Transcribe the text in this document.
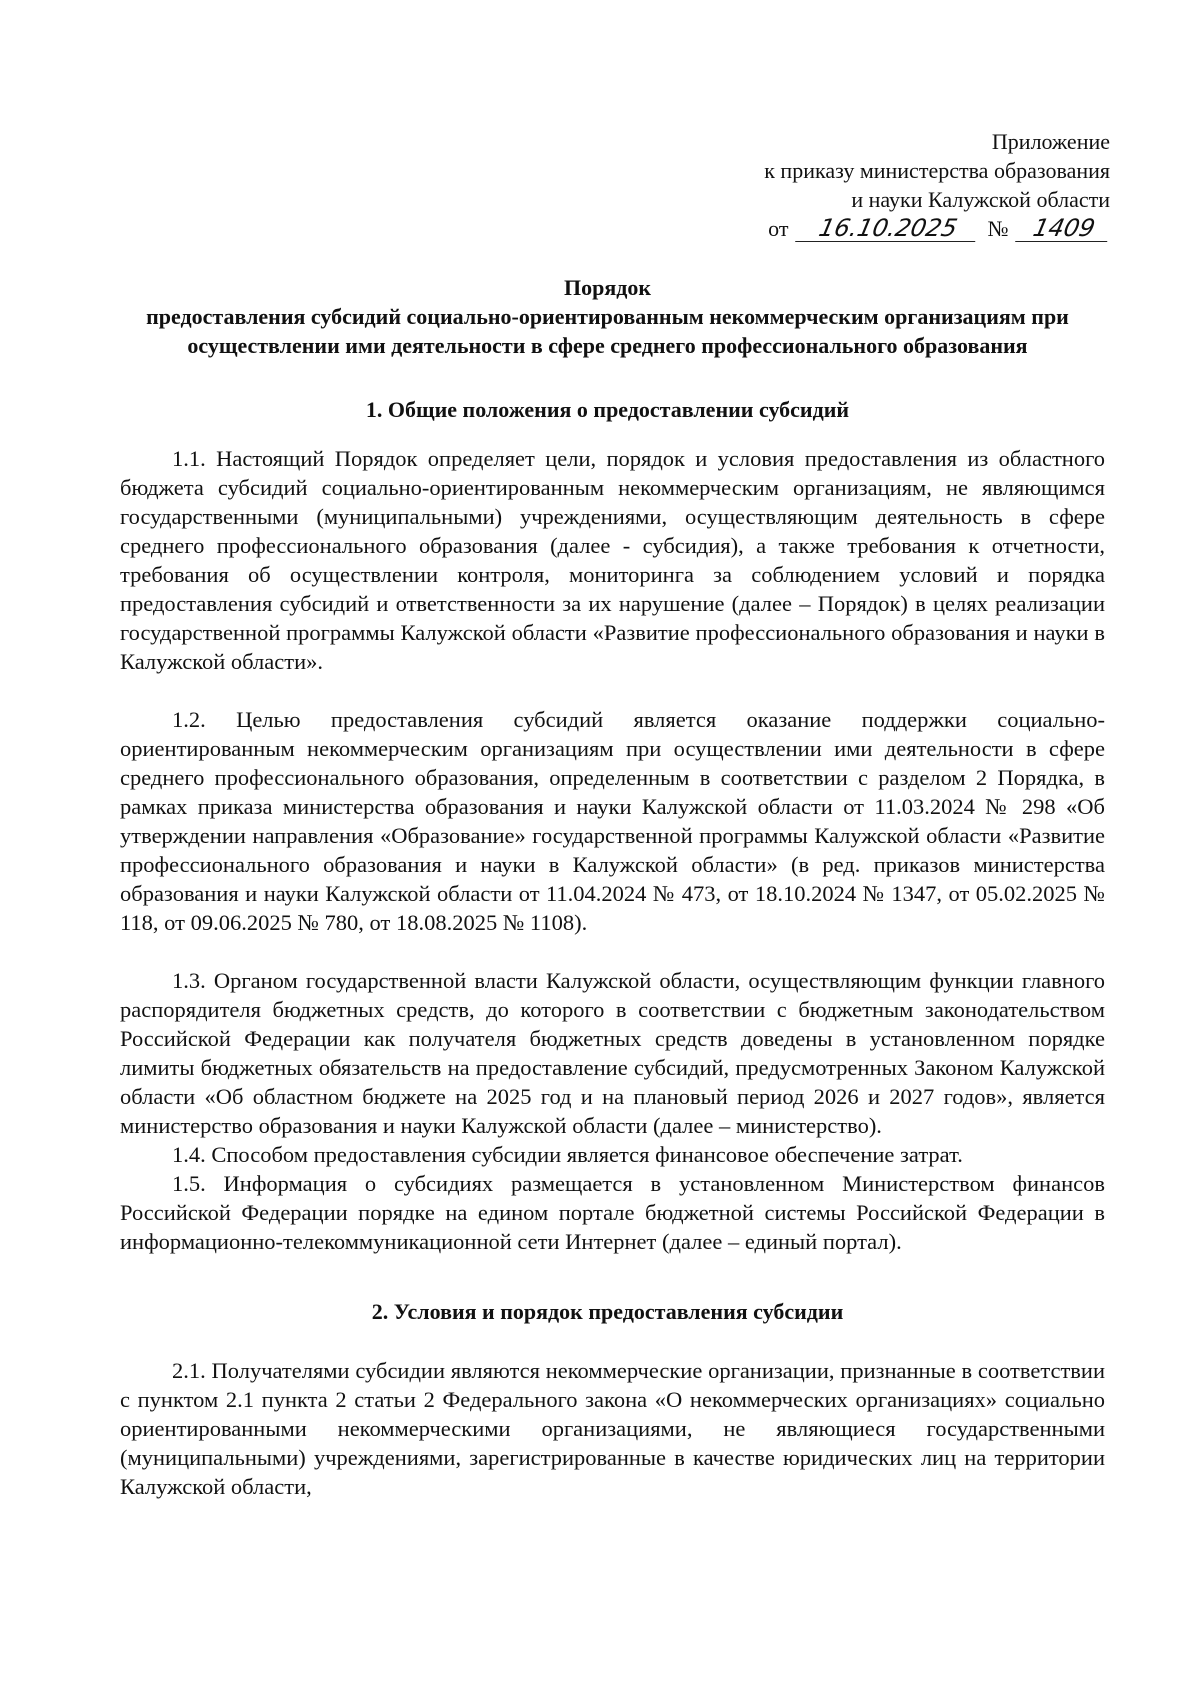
Приложение
к приказу министерства образования
и науки Калужской области
от 16.10.2025 № 1409

Порядок

предоставления субсидий социально-ориентированным некоммерческим организациям при осуществлении ими деятельности в сфере среднего профессионального образования

1. Общие положения о предоставлении субсидий

1.1. Настоящий Порядок определяет цели, порядок и условия предоставления из областного бюджета субсидий социально-ориентированным некоммерческим организациям, не являющимся государственными (муниципальными) учреждениями, осуществляющим деятельность в сфере среднего профессионального образования (далее - субсидия), а также требования к отчетности, требования об осуществлении контроля, мониторинга за соблюдением условий и порядка предоставления субсидий и ответственности за их нарушение (далее – Порядок) в целях реализации государственной программы Калужской области «Развитие профессионального образования и науки в Калужской области».

1.2. Целью предоставления субсидий является оказание поддержки социально-ориентированным некоммерческим организациям при осуществлении ими деятельности в сфере среднего профессионального образования, определенным в соответствии с разделом 2 Порядка, в рамках приказа министерства образования и науки Калужской области от 11.03.2024 № 298 «Об утверждении направления «Образование» государственной программы Калужской области «Развитие профессионального образования и науки в Калужской области» (в ред. приказов министерства образования и науки Калужской области от 11.04.2024 № 473, от 18.10.2024 № 1347, от 05.02.2025 № 118, от 09.06.2025 № 780, от 18.08.2025 № 1108).

1.3. Органом государственной власти Калужской области, осуществляющим функции главного распорядителя бюджетных средств, до которого в соответствии с бюджетным законодательством Российской Федерации как получателя бюджетных средств доведены в установленном порядке лимиты бюджетных обязательств на предоставление субсидий, предусмотренных Законом Калужской области «Об областном бюджете на 2025 год и на плановый период 2026 и 2027 годов», является министерство образования и науки Калужской области (далее – министерство).

1.4. Способом предоставления субсидии является финансовое обеспечение затрат.

1.5. Информация о субсидиях размещается в установленном Министерством финансов Российской Федерации порядке на едином портале бюджетной системы Российской Федерации в информационно-телекоммуникационной сети Интернет (далее – единый портал).

2. Условия и порядок предоставления субсидии

2.1. Получателями субсидии являются некоммерческие организации, признанные в соответствии с пунктом 2.1 пункта 2 статьи 2 Федерального закона «О некоммерческих организациях» социально ориентированными некоммерческими организациями, не являющиеся государственными (муниципальными) учреждениями, зарегистрированные в качестве юридических лиц на территории Калужской области,
